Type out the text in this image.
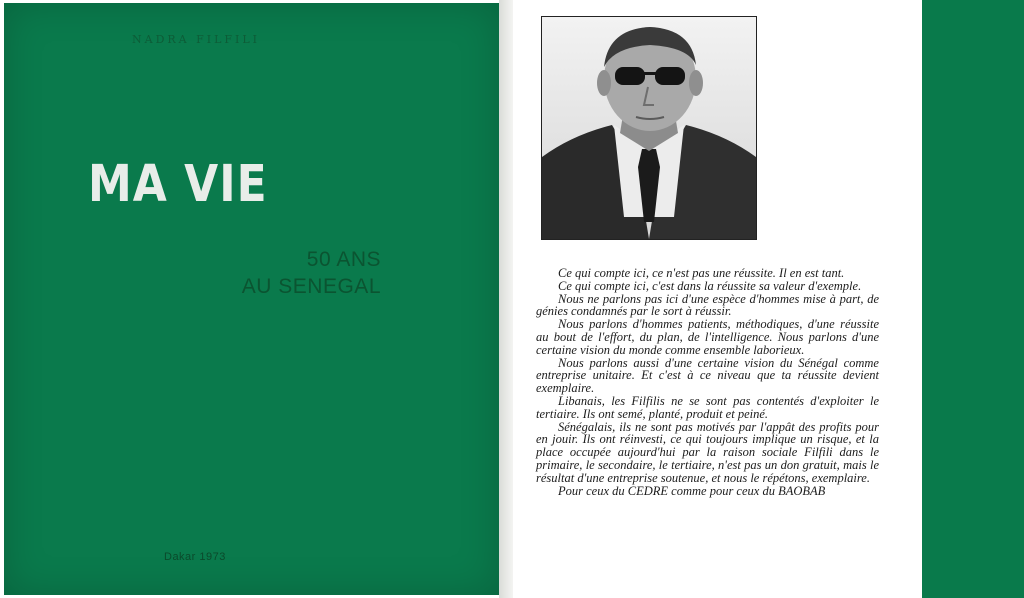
NADRA FILFILI
MA VIE
50 ANS
AU SENEGAL
Dakar 1973

Ce qui compte ici, ce n'est pas une réussite. Il en est tant.

Ce qui compte ici, c'est dans la réussite sa valeur d'exemple.

Nous ne parlons pas ici d'une espèce d'hommes mise à part, de génies condamnés par le sort à réussir.

Nous parlons d'hommes patients, méthodiques, d'une réussite au bout de l'effort, du plan, de l'intelligence. Nous parlons d'une certaine vision du monde comme ensemble laborieux.

Nous parlons aussi d'une certaine vision du Sénégal comme entreprise unitaire. Et c'est à ce niveau que ta réussite devient exemplaire.

Libanais, les Filfilis ne se sont pas contentés d'exploiter le tertiaire. Ils ont semé, planté, produit et peiné.

Sénégalais, ils ne sont pas motivés par l'appât des profits pour en jouir. Ils ont réinvesti, ce qui toujours implique un risque, et la place occupée aujourd'hui par la raison sociale Filfili dans le primaire, le secondaire, le tertiaire, n'est pas un don gratuit, mais le résultat d'une entreprise soutenue, et nous le répétons, exemplaire.

Pour ceux du CEDRE comme pour ceux du BAOBAB
